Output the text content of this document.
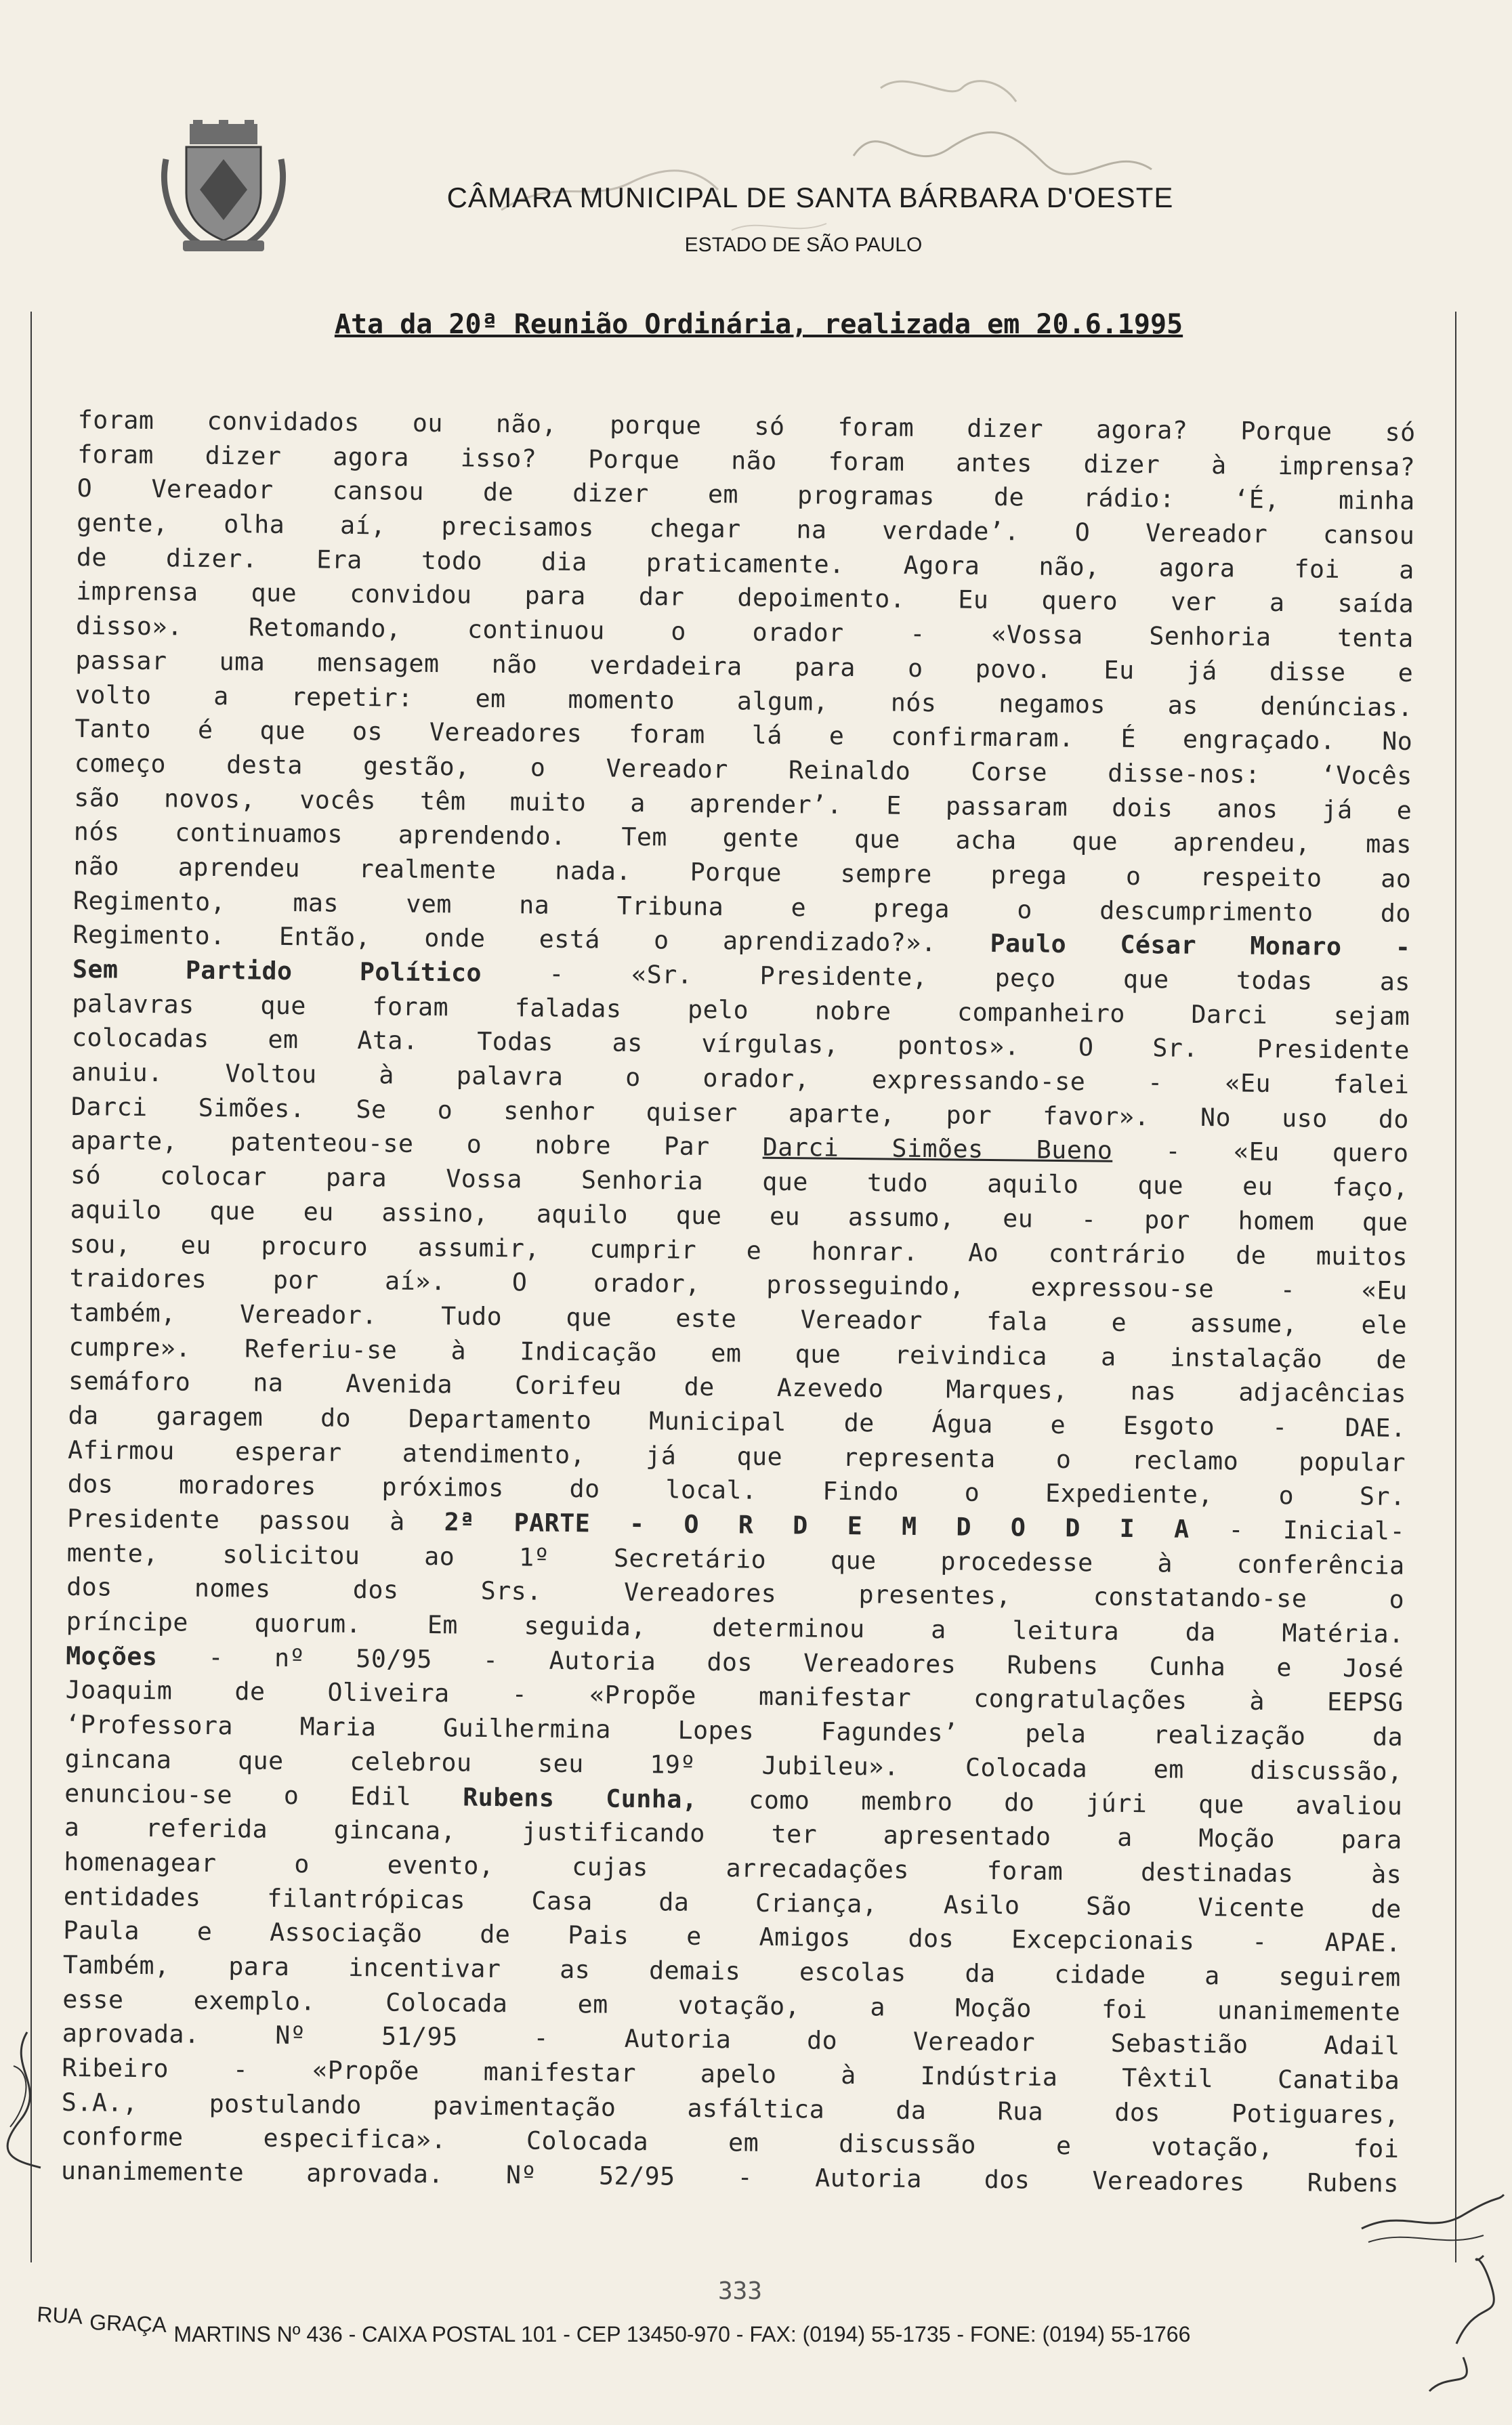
CÂMARA MUNICIPAL DE SANTA BÁRBARA D'OESTE
ESTADO DE SÃO PAULO
Ata da 20ª Reunião Ordinária, realizada em 20.6.1995
foram convidados ou não, porque só foram dizer agora? Porque só
foram dizer agora isso? Porque não foram antes dizer à imprensa?
O Vereador cansou de dizer em programas de rádio: ‘É, minha
gente, olha aí, precisamos chegar na verdade’. O Vereador cansou
de dizer. Era todo dia praticamente. Agora não, agora foi a
imprensa que convidou para dar depoimento. Eu quero ver a saída
disso». Retomando, continuou o orador - «Vossa Senhoria tenta
passar uma mensagem não verdadeira para o povo. Eu já disse e
volto a repetir: em momento algum, nós negamos as denúncias.
Tanto é que os Vereadores foram lá e confirmaram. É engraçado. No
começo desta gestão, o Vereador Reinaldo Corse disse-nos: ‘Vocês
são novos, vocês têm muito a aprender’. E passaram dois anos já e
nós continuamos aprendendo. Tem gente que acha que aprendeu, mas
não aprendeu realmente nada. Porque sempre prega o respeito ao
Regimento, mas vem na Tribuna e prega o descumprimento do
Regimento. Então, onde está o aprendizado?». Paulo César Monaro -
Sem Partido Político - «Sr. Presidente, peço que todas as
palavras que foram faladas pelo nobre companheiro Darci sejam
colocadas em Ata. Todas as vírgulas, pontos». O Sr. Presidente
anuiu. Voltou à palavra o orador, expressando-se - «Eu falei
Darci Simões. Se o senhor quiser aparte, por favor». No uso do
aparte, patenteou-se o nobre Par Darci Simões Bueno - «Eu quero
só colocar para Vossa Senhoria que tudo aquilo que eu faço,
aquilo que eu assino, aquilo que eu assumo, eu - por homem que
sou, eu procuro assumir, cumprir e honrar. Ao contrário de muitos
traidores por aí». O orador, prosseguindo, expressou-se - «Eu
também, Vereador. Tudo que este Vereador fala e assume, ele
cumpre». Referiu-se à Indicação em que reivindica a instalação de
semáforo na Avenida Corifeu de Azevedo Marques, nas adjacências
da garagem do Departamento Municipal de Água e Esgoto - DAE.
Afirmou esperar atendimento, já que representa o reclamo popular
dos moradores próximos do local. Findo o Expediente, o Sr.
Presidente passou à 2ª PARTE - O R D E M D O D I A - Inicial-
mente, solicitou ao 1º Secretário que procedesse à conferência
dos nomes dos Srs. Vereadores presentes, constatando-se o
príncipe quorum. Em seguida, determinou a leitura da Matéria.
Moções - nº 50/95 - Autoria dos Vereadores Rubens Cunha e José
Joaquim de Oliveira - «Propõe manifestar congratulações à EEPSG
‘Professora Maria Guilhermina Lopes Fagundes’ pela realização da
gincana que celebrou seu 19º Jubileu». Colocada em discussão,
enunciou-se o Edil Rubens Cunha, como membro do júri que avaliou
a referida gincana, justificando ter apresentado a Moção para
homenagear o evento, cujas arrecadações foram destinadas às
entidades filantrópicas Casa da Criança, Asilo São Vicente de
Paula e Associação de Pais e Amigos dos Excepcionais - APAE.
Também, para incentivar as demais escolas da cidade a seguirem
esse exemplo. Colocada em votação, a Moção foi unanimemente
aprovada. Nº 51/95 - Autoria do Vereador Sebastião Adail
Ribeiro - «Propõe manifestar apelo à Indústria Têxtil Canatiba
S.A., postulando pavimentação asfáltica da Rua dos Potiguares,
conforme especifica». Colocada em discussão e votação, foi
unanimemente aprovada. Nº 52/95 - Autoria dos Vereadores Rubens
333
RUA GRAÇA MARTINS Nº 436 - CAIXA POSTAL 101 - CEP 13450-970 - FAX: (0194) 55-1735 - FONE: (0194) 55-1766
